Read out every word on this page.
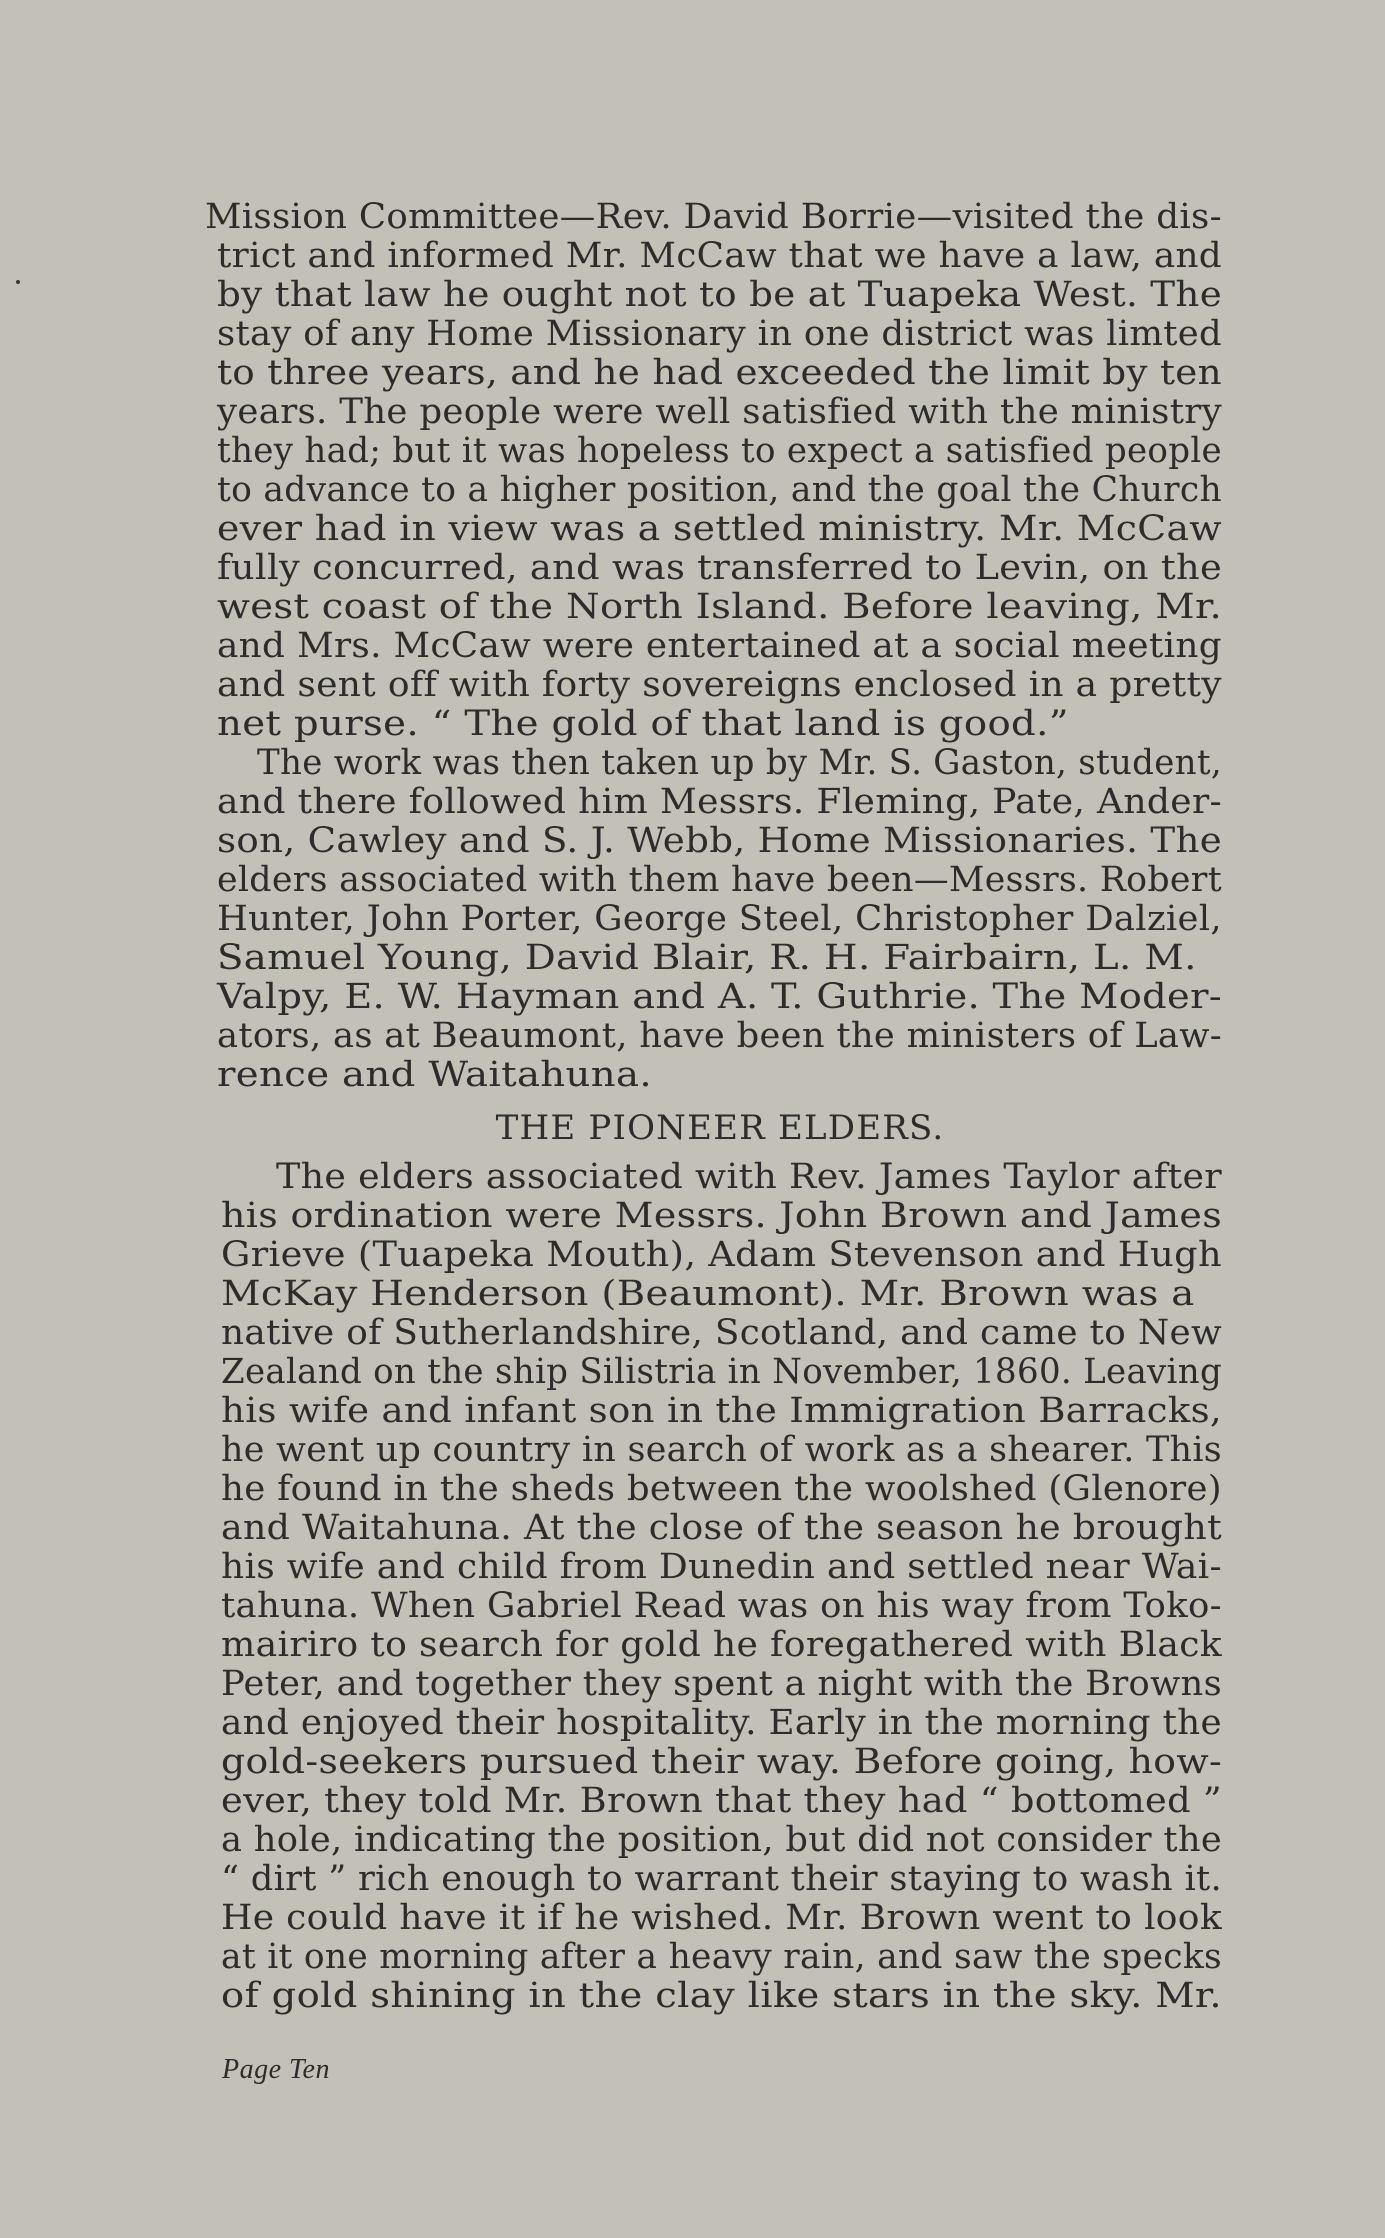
Mission Committee—Rev. David Borrie—visited the dis-
trict and informed Mr. McCaw that we have a law, and
by that law he ought not to be at Tuapeka West. The
stay of any Home Missionary in one district was limted
to three years, and he had exceeded the limit by ten
years. The people were well satisfied with the ministry
they had; but it was hopeless to expect a satisfied people
to advance to a higher position, and the goal the Church
ever had in view was a settled ministry. Mr. McCaw
fully concurred, and was transferred to Levin, on the
west coast of the North Island. Before leaving, Mr.
and Mrs. McCaw were entertained at a social meeting
and sent off with forty sovereigns enclosed in a pretty
net purse. “ The gold of that land is good.”
The work was then taken up by Mr. S. Gaston, student,
and there followed him Messrs. Fleming, Pate, Ander-
son, Cawley and S. J. Webb, Home Missionaries. The
elders associated with them have been—Messrs. Robert
Hunter, John Porter, George Steel, Christopher Dalziel,
Samuel Young, David Blair, R. H. Fairbairn, L. M.
Valpy, E. W. Hayman and A. T. Guthrie. The Moder-
ators, as at Beaumont, have been the ministers of Law-
rence and Waitahuna.
THE PIONEER ELDERS.
The elders associated with Rev. James Taylor after
his ordination were Messrs. John Brown and James
Grieve (Tuapeka Mouth), Adam Stevenson and Hugh
McKay Henderson (Beaumont). Mr. Brown was a
native of Sutherlandshire, Scotland, and came to New
Zealand on the ship Silistria in November, 1860. Leaving
his wife and infant son in the Immigration Barracks,
he went up country in search of work as a shearer. This
he found in the sheds between the woolshed (Glenore)
and Waitahuna. At the close of the season he brought
his wife and child from Dunedin and settled near Wai-
tahuna. When Gabriel Read was on his way from Toko-
mairiro to search for gold he foregathered with Black
Peter, and together they spent a night with the Browns
and enjoyed their hospitality. Early in the morning the
gold-seekers pursued their way. Before going, how-
ever, they told Mr. Brown that they had “ bottomed ”
a hole, indicating the position, but did not consider the
“ dirt ” rich enough to warrant their staying to wash it.
He could have it if he wished. Mr. Brown went to look
at it one morning after a heavy rain, and saw the specks
of gold shining in the clay like stars in the sky. Mr.
Page Ten
